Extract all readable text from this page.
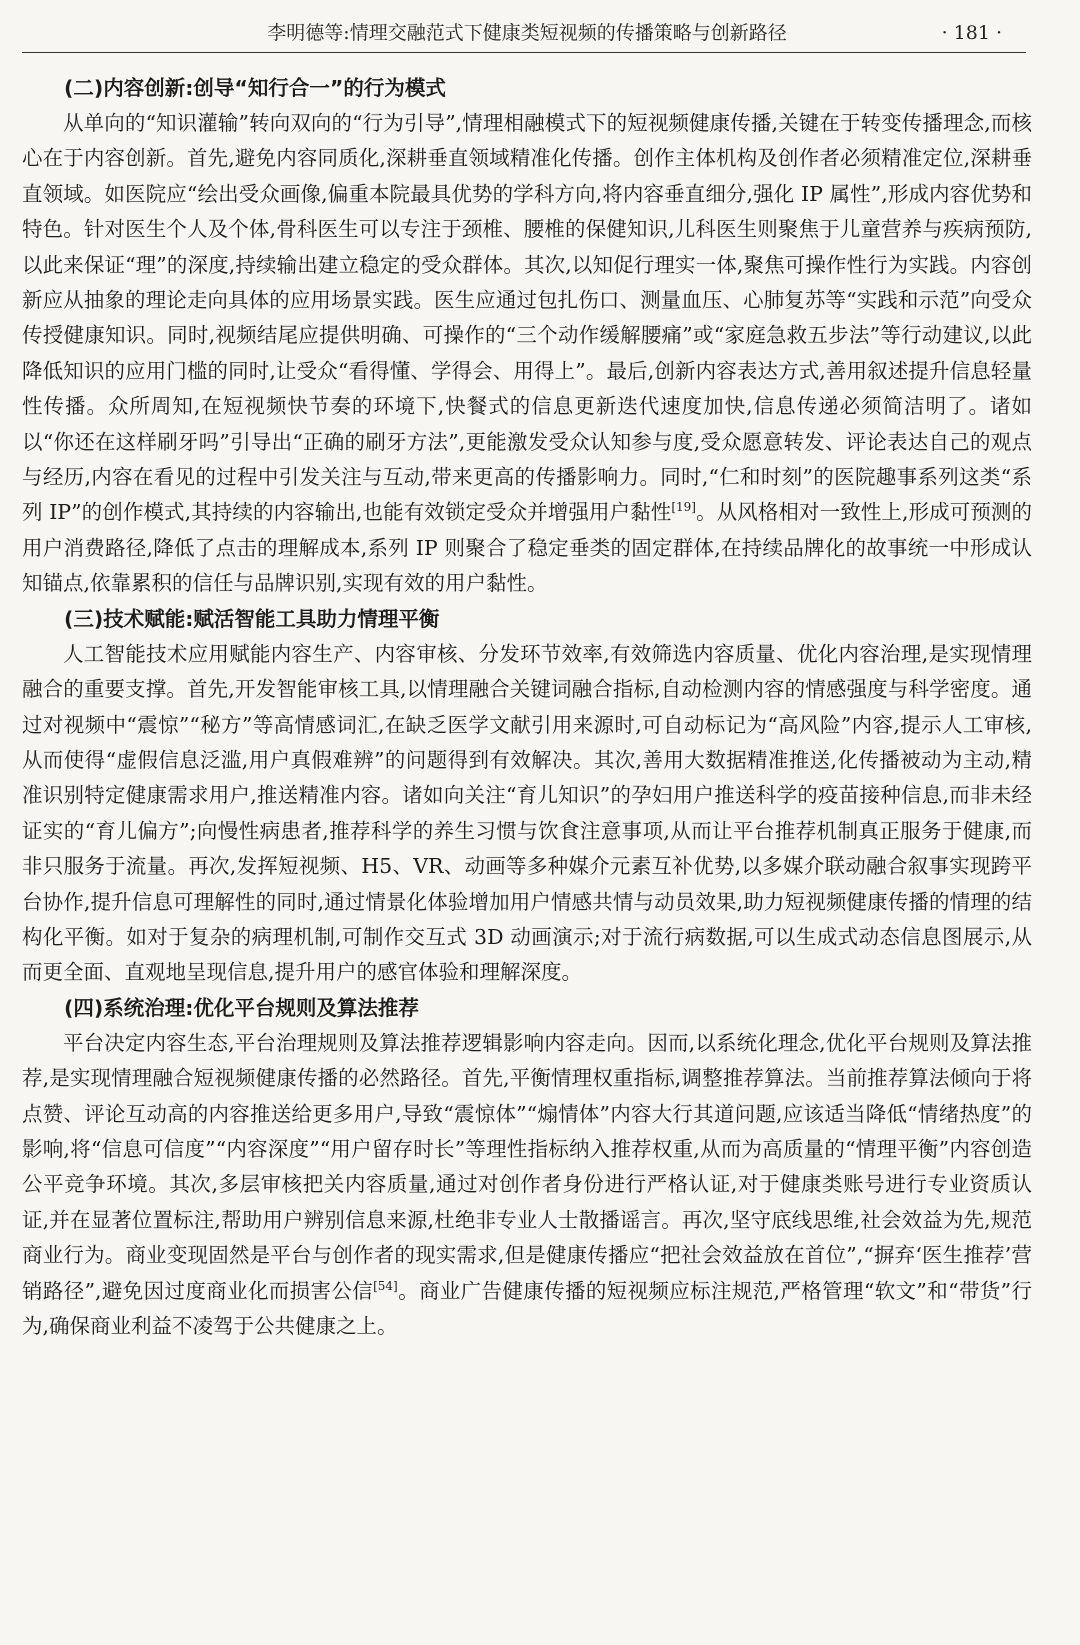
李明德等:情理交融范式下健康类短视频的传播策略与创新路径	· 181 ·
(二)内容创新:创导“知行合一”的行为模式

从单向的“知识灌输”转向双向的“行为引导”,情理相融模式下的短视频健康传播,关键在于转变传播理念,而核心在于内容创新。首先,避免内容同质化,深耕垂直领域精准化传播。创作主体机构及创作者必须精准定位,深耕垂直领域。如医院应“绘出受众画像,偏重本院最具优势的学科方向,将内容垂直细分,强化 IP 属性”,形成内容优势和特色。针对医生个人及个体,骨科医生可以专注于颈椎、腰椎的保健知识,儿科医生则聚焦于儿童营养与疾病预防,以此来保证“理”的深度,持续输出建立稳定的受众群体。其次,以知促行理实一体,聚焦可操作性行为实践。内容创新应从抽象的理论走向具体的应用场景实践。医生应通过包扎伤口、测量血压、心肺复苏等“实践和示范”向受众传授健康知识。同时,视频结尾应提供明确、可操作的“三个动作缓解腰痛”或“家庭急救五步法”等行动建议,以此降低知识的应用门槛的同时,让受众“看得懂、学得会、用得上”。最后,创新内容表达方式,善用叙述提升信息轻量性传播。众所周知,在短视频快节奏的环境下,快餐式的信息更新迭代速度加快,信息传递必须简洁明了。诸如以“你还在这样刷牙吗”引导出“正确的刷牙方法”,更能激发受众认知参与度,受众愿意转发、评论表达自己的观点与经历,内容在看见的过程中引发关注与互动,带来更高的传播影响力。同时,“仁和时刻”的医院趣事系列这类“系列 IP”的创作模式,其持续的内容输出,也能有效锁定受众并增强用户黏性[19]。从风格相对一致性上,形成可预测的用户消费路径,降低了点击的理解成本,系列 IP 则聚合了稳定垂类的固定群体,在持续品牌化的故事统一中形成认知锚点,依靠累积的信任与品牌识别,实现有效的用户黏性。

(三)技术赋能:赋活智能工具助力情理平衡

人工智能技术应用赋能内容生产、内容审核、分发环节效率,有效筛选内容质量、优化内容治理,是实现情理融合的重要支撑。首先,开发智能审核工具,以情理融合关键词融合指标,自动检测内容的情感强度与科学密度。通过对视频中“震惊”“秘方”等高情感词汇,在缺乏医学文献引用来源时,可自动标记为“高风险”内容,提示人工审核,从而使得“虚假信息泛滥,用户真假难辨”的问题得到有效解决。其次,善用大数据精准推送,化传播被动为主动,精准识别特定健康需求用户,推送精准内容。诸如向关注“育儿知识”的孕妇用户推送科学的疫苗接种信息,而非未经证实的“育儿偏方”;向慢性病患者,推荐科学的养生习惯与饮食注意事项,从而让平台推荐机制真正服务于健康,而非只服务于流量。再次,发挥短视频、H5、VR、动画等多种媒介元素互补优势,以多媒介联动融合叙事实现跨平台协作,提升信息可理解性的同时,通过情景化体验增加用户情感共情与动员效果,助力短视频健康传播的情理的结构化平衡。如对于复杂的病理机制,可制作交互式 3D 动画演示;对于流行病数据,可以生成式动态信息图展示,从而更全面、直观地呈现信息,提升用户的感官体验和理解深度。

(四)系统治理:优化平台规则及算法推荐

平台决定内容生态,平台治理规则及算法推荐逻辑影响内容走向。因而,以系统化理念,优化平台规则及算法推荐,是实现情理融合短视频健康传播的必然路径。首先,平衡情理权重指标,调整推荐算法。当前推荐算法倾向于将点赞、评论互动高的内容推送给更多用户,导致“震惊体”“煽情体”内容大行其道问题,应该适当降低“情绪热度”的影响,将“信息可信度”“内容深度”“用户留存时长”等理性指标纳入推荐权重,从而为高质量的“情理平衡”内容创造公平竞争环境。其次,多层审核把关内容质量,通过对创作者身份进行严格认证,对于健康类账号进行专业资质认证,并在显著位置标注,帮助用户辨别信息来源,杜绝非专业人士散播谣言。再次,坚守底线思维,社会效益为先,规范商业行为。商业变现固然是平台与创作者的现实需求,但是健康传播应“把社会效益放在首位”,“摒弃‘医生推荐’营销路径”,避免因过度商业化而损害公信[54]。商业广告健康传播的短视频应标注规范,严格管理“软文”和“带货”行为,确保商业利益不凌驾于公共健康之上。
